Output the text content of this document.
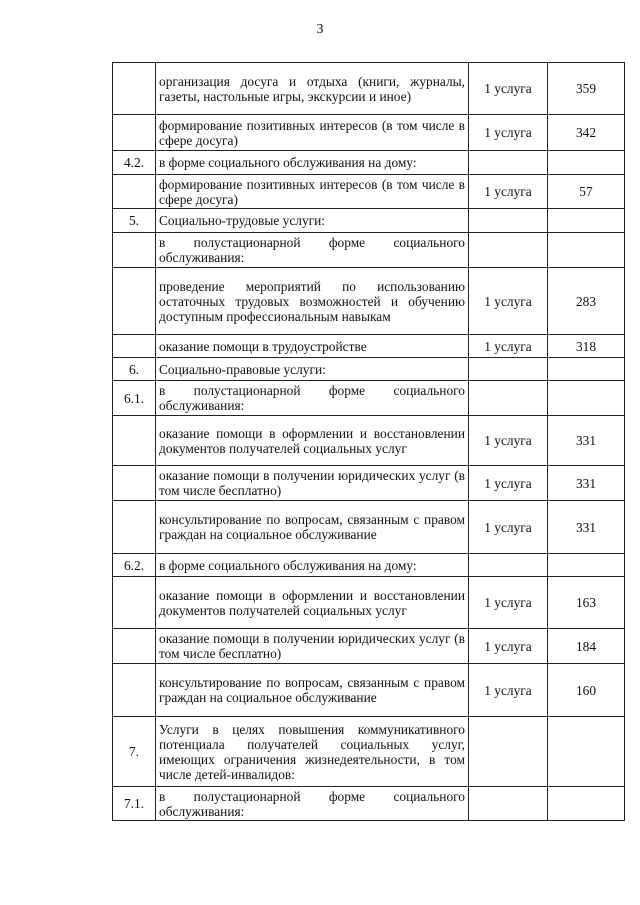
3
	организация досуга и отдыха (книги, журналы, газеты, настольные игры, экскурсии и иное)	1 услуга	359
	формирование позитивных интересов (в том числе в сфере досуга)	1 услуга	342
4.2.	в форме социального обслуживания на дому:		
	формирование позитивных интересов (в том числе в сфере досуга)	1 услуга	57
5.	Социально-трудовые услуги:		
	в полустационарной форме социального обслуживания:		
	проведение мероприятий по использованию остаточных трудовых возможностей и обучению доступным профессиональным навыкам	1 услуга	283
	оказание помощи в трудоустройстве	1 услуга	318
6.	Социально-правовые услуги:		
6.1.	в полустационарной форме социального обслуживания:		
	оказание помощи в оформлении и восстановлении документов получателей социальных услуг	1 услуга	331
	оказание помощи в получении юридических услуг (в том числе бесплатно)	1 услуга	331
	консультирование по вопросам, связанным с правом граждан на социальное обслуживание	1 услуга	331
6.2.	в форме социального обслуживания на дому:		
	оказание помощи в оформлении и восстановлении документов получателей социальных услуг	1 услуга	163
	оказание помощи в получении юридических услуг (в том числе бесплатно)	1 услуга	184
	консультирование по вопросам, связанным с правом граждан на социальное обслуживание	1 услуга	160
7.	Услуги в целях повышения коммуникативного потенциала получателей социальных услуг, имеющих ограничения жизнедеятельности, в том числе детей-инвалидов:		
7.1.	в полустационарной форме социального обслуживания:		
